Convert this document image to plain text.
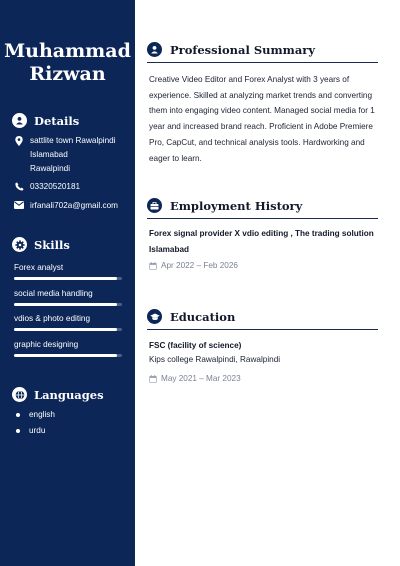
Muhammad
Rizwan
Details
sattlite town Rawalpindi
Islamabad
Rawalpindi
03320520181
irfanali702a@gmail.com
Skills
Forex analyst
social media handling
vdios & photo editing
graphic designing
Languages
english
urdu
Professional Summary
Creative Video Editor and Forex Analyst with 3 years of experience. Skilled at analyzing market trends and converting them into engaging video content. Managed social media for 1 year and increased brand reach. Proficient in Adobe Premiere Pro, CapCut, and technical analysis tools. Hardworking and eager to learn.
Employment History
Forex signal provider X vdio editing , The trading solution Islamabad
Apr 2022 – Feb 2026
Education
FSC (facility of science)
Kips college Rawalpindi, Rawalpindi
May 2021 – Mar 2023
